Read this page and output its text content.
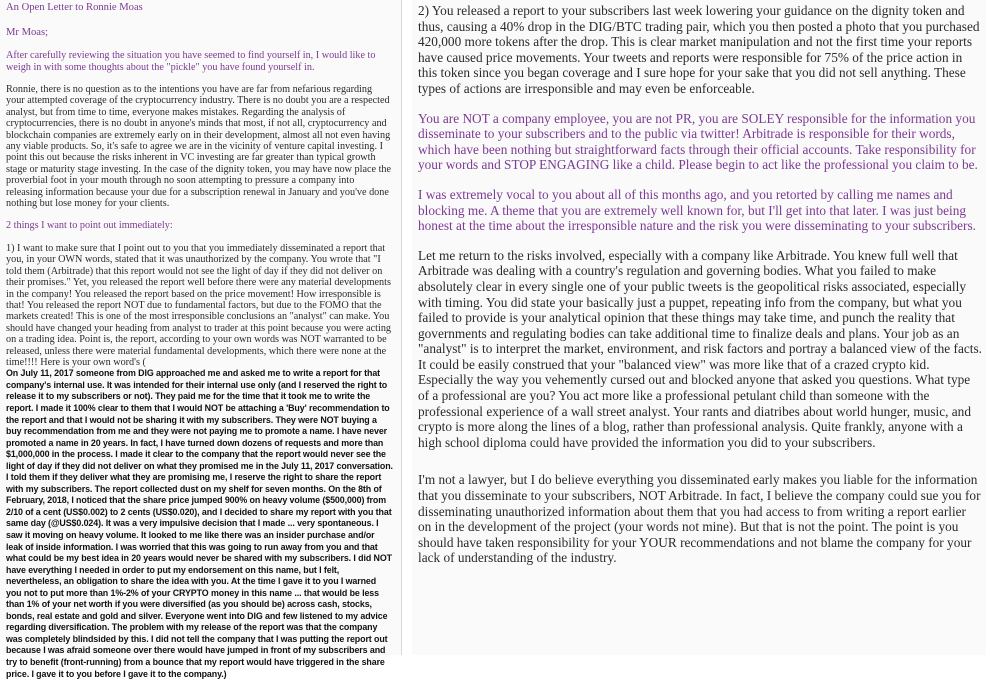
An Open Letter to Ronnie Moas

Mr Moas;

After carefully reviewing the situation you have seemed to find yourself in, I would like to weigh in with some thoughts about the "pickle" you have found yourself in.

Ronnie, there is no question as to the intentions you have are far from nefarious regarding your attempted coverage of the cryptocurrency industry. There is no doubt you are a respected analyst, but from time to time, everyone makes mistakes. Regarding the analysis of cryptocurrencies, there is no doubt in anyone's minds that most, if not all, cryptocurrency and blockchain companies are extremely early on in their development, almost all not even having any viable products. So, it's safe to agree we are in the vicinity of venture capital investing. I point this out because the risks inherent in VC investing are far greater than typical growth stage or maturity stage investing. In the case of the dignity token, you may have now place the proverbial foot in your mouth through no soon attempting to pressure a company into releasing information because your due for a subscription renewal in January and you've done nothing but lose money for your clients.

2 things I want to point out immediately:

1) I want to make sure that I point out to you that you immediately disseminated a report that you, in your OWN words, stated that it was unauthorized by the company. You wrote that "I told them (Arbitrade) that this report would not see the light of day if they did not deliver on their promises." Yet, you released the report well before there were any material developments in the company! You released the report based on the price movement! How irresponsible is that! You released the report NOT due to fundamental factors, but due to the FOMO that the markets created! This is one of the most irresponsible conclusions an "analyst" can make. You should have changed your heading from analyst to trader at this point because you were acting on a trading idea. Point is, the report, according to your own words was NOT warranted to be released, unless there were material fundamental developments, which there were none at the time!!!! Here is your own word's (

On July 11, 2017 someone from DIG approached me and asked me to write a report for that company's internal use. It was intended for their internal use only (and I reserved the right to release it to my subscribers or not). They paid me for the time that it took me to write the report. I made it 100% clear to them that I would NOT be attaching a 'Buy' recommendation to the report and that I would not be sharing it with my subscribers. They were NOT buying a buy recommendation from me and they were not paying me to promote a name. I have never promoted a name in 20 years. In fact, I have turned down dozens of requests and more than $1,000,000 in the process. I made it clear to the company that the report would never see the light of day if they did not deliver on what they promised me in the July 11, 2017 conversation. I told them if they deliver what they are promising me, I reserve the right to share the report with my subscribers. The report collected dust on my shelf for seven months. On the 8th of February, 2018, I noticed that the share price jumped 900% on heavy volume ($500,000) from 2/10 of a cent (US$0.002) to 2 cents (US$0.020), and I decided to share my report with you that same day (@US$0.024). It was a very impulsive decision that I made ... very spontaneous. I saw it moving on heavy volume. It looked to me like there was an insider purchase and/or leak of inside information. I was worried that this was going to run away from you and that what could be my best idea in 20 years would never be shared with my subscribers. I did NOT have everything I needed in order to put my endorsement on this name, but I felt, nevertheless, an obligation to share the idea with you. At the time I gave it to you I warned you not to put more than 1%-2% of your CRYPTO money in this name ... that would be less than 1% of your net worth if you were diversified (as you should be) across cash, stocks, bonds, real estate and gold and silver. Everyone went into DIG and few listened to my advice regarding diversification. The problem with my release of the report was that the company was completely blindsided by this. I did not tell the company that I was putting the report out because I was afraid someone over there would have jumped in front of my subscribers and try to benefit (front-running) from a bounce that my report would have triggered in the share price. I gave it to you before I gave it to the company.)

2) You released a report to your subscribers last week lowering your guidance on the dignity token and thus, causing a 40% drop in the DIG/BTC trading pair, which you then posted a photo that you purchased 420,000 more tokens after the drop. This is clear market manipulation and not the first time your reports have caused price movements. Your tweets and reports were responsible for 75% of the price action in this token since you began coverage and I sure hope for your sake that you did not sell anything. These types of actions are irresponsible and may even be enforceable.

You are NOT a company employee, you are not PR, you are SOLEY responsible for the information you disseminate to your subscribers and to the public via twitter! Arbitrade is responsible for their words, which have been nothing but straightforward facts through their official accounts. Take responsibility for your words and STOP ENGAGING like a child. Please begin to act like the professional you claim to be.

I was extremely vocal to you about all of this months ago, and you retorted by calling me names and blocking me. A theme that you are extremely well known for, but I'll get into that later. I was just being honest at the time about the irresponsible nature and the risk you were disseminating to your subscribers.

Let me return to the risks involved, especially with a company like Arbitrade. You knew full well that Arbitrade was dealing with a country's regulation and governing bodies. What you failed to make absolutely clear in every single one of your public tweets is the geopolitical risks associated, especially with timing. You did state your basically just a puppet, repeating info from the company, but what you failed to provide is your analytical opinion that these things may take time, and punch the reality that governments and regulating bodies can take additional time to finalize deals and plans. Your job as an "analyst" is to interpret the market, environment, and risk factors and portray a balanced view of the facts. It could be easily construed that your "balanced view" was more like that of a crazed crypto kid. Especially the way you vehemently cursed out and blocked anyone that asked you questions. What type of a professional are you? You act more like a professional petulant child than someone with the professional experience of a wall street analyst. Your rants and diatribes about world hunger, music, and crypto is more along the lines of a blog, rather than professional analysis. Quite frankly, anyone with a high school diploma could have provided the information you did to your subscribers.

I'm not a lawyer, but I do believe everything you disseminated early makes you liable for the information that you disseminate to your subscribers, NOT Arbitrade. In fact, I believe the company could sue you for disseminating unauthorized information about them that you had access to from writing a report earlier on in the development of the project (your words not mine). But that is not the point. The point is you should have taken responsibility for your YOUR recommendations and not blame the company for your lack of understanding of the industry.
